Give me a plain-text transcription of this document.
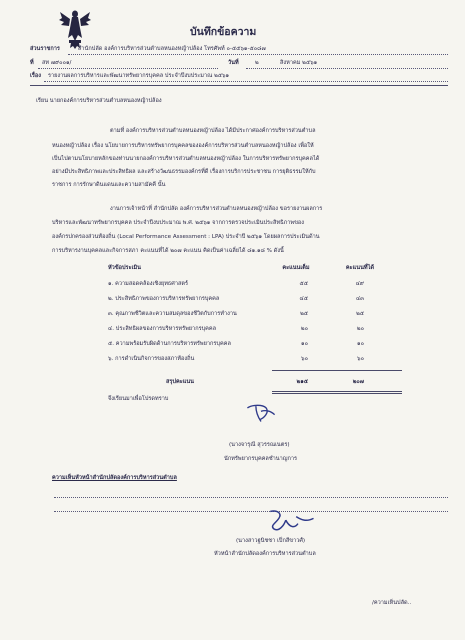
บันทึกข้อความ
ส่วนราชการ	สำนักปลัด องค์การบริหารส่วนตำบลหนองหญ้าปล้อง โทรศัพท์ ๐-๕๕๖๑-๕๐๘๗
ที่ สท ๗๙๐๐๑/	วันที่	๒	สิงหาคม ๒๕๖๑
เรื่อง รายงานผลการบริหารและพัฒนาทรัพยากรบุคคล ประจำปีงบประมาณ ๒๕๖๑
เรียน นายกองค์การบริหารส่วนตำบลหนองหญ้าปล้อง
ตามที่ องค์การบริหารส่วนตำบลหนองหญ้าปล้อง ได้มีประกาศองค์การบริหารส่วนตำบล
หนองหญ้าปล้อง เรื่อง นโยบายการบริหารทรัพยากรบุคคลขององค์การบริหารส่วนตำบลหนองหญ้าปล้อง เพื่อให้
เป็นไปตามนโยบายหลักของท่านนายกองค์การบริหารส่วนตำบลหนองหญ้าปล้อง ในการบริหารทรัพยากรบุคคลได้
อย่างมีประสิทธิภาพและประสิทธิผล และสร้างวัฒนธรรมองค์กรที่ดี เรื่องการบริการประชาชน การยุติธรรมให้กับ
ราชการ การรักษาดินแดนและความสามัคคี นั้น
งานการเจ้าหน้าที่ สำนักปลัด องค์การบริหารส่วนตำบลหนองหญ้าปล้อง ขอรายงานผลการ
บริหารและพัฒนาทรัพยากรบุคคล ประจำปีงบประมาณ พ.ศ. ๒๕๖๑ จากการตรวจประเมินประสิทธิภาพของ
องค์กรปกครองส่วนท้องถิ่น (Local Performance Assessment : LPA) ประจำปี ๒๕๖๑ โดยผลการประเมินด้าน
การบริหารงานบุคคลและกิจการสภา คะแนนที่ได้ ๒๐๗ คะแนน คิดเป็นค่าเฉลี่ยได้ ๘๑.๑๘ % ดังนี้
หัวข้อประเมิน	คะแนนเต็ม	คะแนนที่ได้
๑. ความสอดคล้องเชิงยุทธศาสตร์	๕๕	๔๙
๒. ประสิทธิภาพของการบริหารทรัพยากรบุคคล	๔๕	๔๓
๓. คุณภาพชีวิตและความสมดุลของชีวิตกับการทำงาน	๒๕	๒๕
๔. ประสิทธิผลของการบริหารทรัพยากรบุคคล	๒๐	๒๐
๕. ความพร้อมรับผิดด้านการบริหารทรัพยากรบุคคล	๑๐	๑๐
๖. การดำเนินกิจการของสภาท้องถิ่น	๖๐	๖๐
สรุปคะแนน	๒๑๕	๒๐๗
จึงเรียนมาเพื่อโปรดทราบ
(นางจารุณี สุวรรณเนตร)
นักทรัพยากรบุคคลชำนาญการ
ความเห็นหัวหน้าสำนักปลัดองค์การบริหารส่วนตำบล
(นางสาวฐนิชชา เป็กสีขาวศ์)
หัวหน้าสำนักปลัดองค์การบริหารส่วนตำบล
/ความเห็นปลัด..
